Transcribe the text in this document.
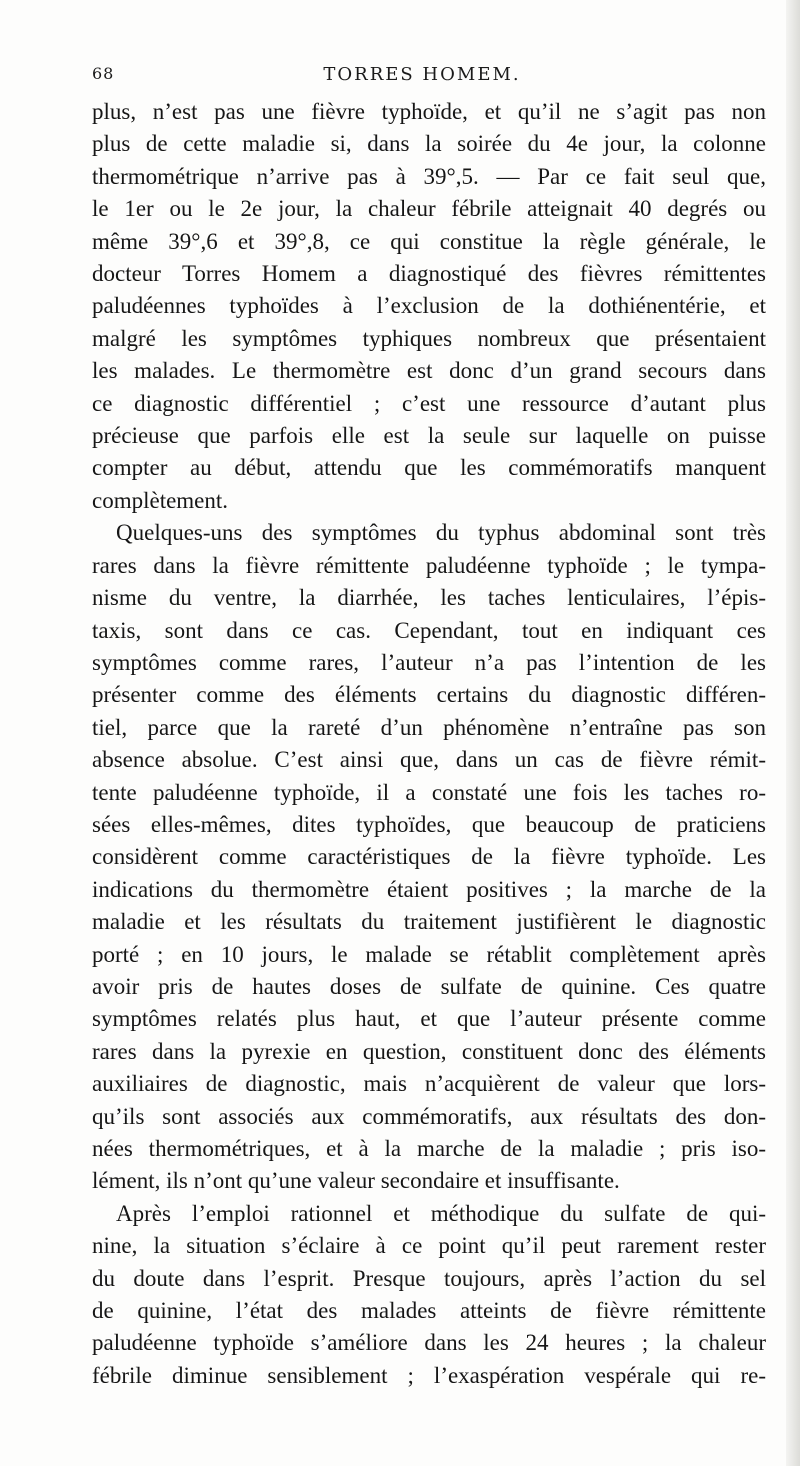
68	TORRES HOMEM.
plus, n’est pas une fièvre typhoïde, et qu’il ne s’agit pas non
plus de cette maladie si, dans la soirée du 4e jour, la colonne
thermométrique n’arrive pas à 39°,5. — Par ce fait seul que,
le 1er ou le 2e jour, la chaleur fébrile atteignait 40 degrés ou
même 39°,6 et 39°,8, ce qui constitue la règle générale, le
docteur Torres Homem a diagnostiqué des fièvres rémittentes
paludéennes typhoïdes à l’exclusion de la dothiénentérie, et
malgré les symptômes typhiques nombreux que présentaient
les malades. Le thermomètre est donc d’un grand secours dans
ce diagnostic différentiel ; c’est une ressource d’autant plus
précieuse que parfois elle est la seule sur laquelle on puisse
compter au début, attendu que les commémoratifs manquent
complètement.
Quelques-uns des symptômes du typhus abdominal sont très
rares dans la fièvre rémittente paludéenne typhoïde ; le tympa-
nisme du ventre, la diarrhée, les taches lenticulaires, l’épis-
taxis, sont dans ce cas. Cependant, tout en indiquant ces
symptômes comme rares, l’auteur n’a pas l’intention de les
présenter comme des éléments certains du diagnostic différen-
tiel, parce que la rareté d’un phénomène n’entraîne pas son
absence absolue. C’est ainsi que, dans un cas de fièvre rémit-
tente paludéenne typhoïde, il a constaté une fois les taches ro-
sées elles-mêmes, dites typhoïdes, que beaucoup de praticiens
considèrent comme caractéristiques de la fièvre typhoïde. Les
indications du thermomètre étaient positives ; la marche de la
maladie et les résultats du traitement justifièrent le diagnostic
porté ; en 10 jours, le malade se rétablit complètement après
avoir pris de hautes doses de sulfate de quinine. Ces quatre
symptômes relatés plus haut, et que l’auteur présente comme
rares dans la pyrexie en question, constituent donc des éléments
auxiliaires de diagnostic, mais n’acquièrent de valeur que lors-
qu’ils sont associés aux commémoratifs, aux résultats des don-
nées thermométriques, et à la marche de la maladie ; pris iso-
lément, ils n’ont qu’une valeur secondaire et insuffisante.
Après l’emploi rationnel et méthodique du sulfate de qui-
nine, la situation s’éclaire à ce point qu’il peut rarement rester
du doute dans l’esprit. Presque toujours, après l’action du sel
de quinine, l’état des malades atteints de fièvre rémittente
paludéenne typhoïde s’améliore dans les 24 heures ; la chaleur
fébrile diminue sensiblement ; l’exaspération vespérale qui re-
